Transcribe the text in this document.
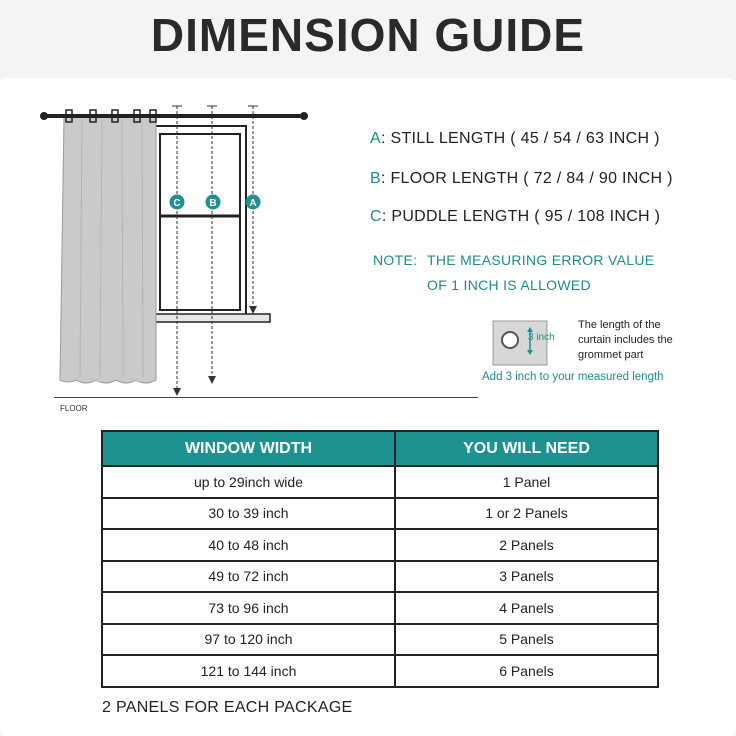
DIMENSION GUIDE
C	B	A
FLOOR
A: STILL LENGTH ( 45 / 54 / 63 INCH )
B: FLOOR LENGTH ( 72 / 84 / 90 INCH )
C: PUDDLE LENGTH ( 95 / 108 INCH )
NOTE: THE MEASURING ERROR VALUE
OF 1 INCH IS ALLOWED
3 inch
The length of the curtain includes the grommet part
Add 3 inch to your measured length
WINDOW WIDTH	YOU WILL NEED
up to 29inch wide	1 Panel
30 to 39 inch	1 or 2 Panels
40 to 48 inch	2 Panels
49 to 72 inch	3 Panels
73 to 96 inch	4 Panels
97 to 120 inch	5 Panels
121 to 144 inch	6 Panels
2 PANELS FOR EACH PACKAGE
